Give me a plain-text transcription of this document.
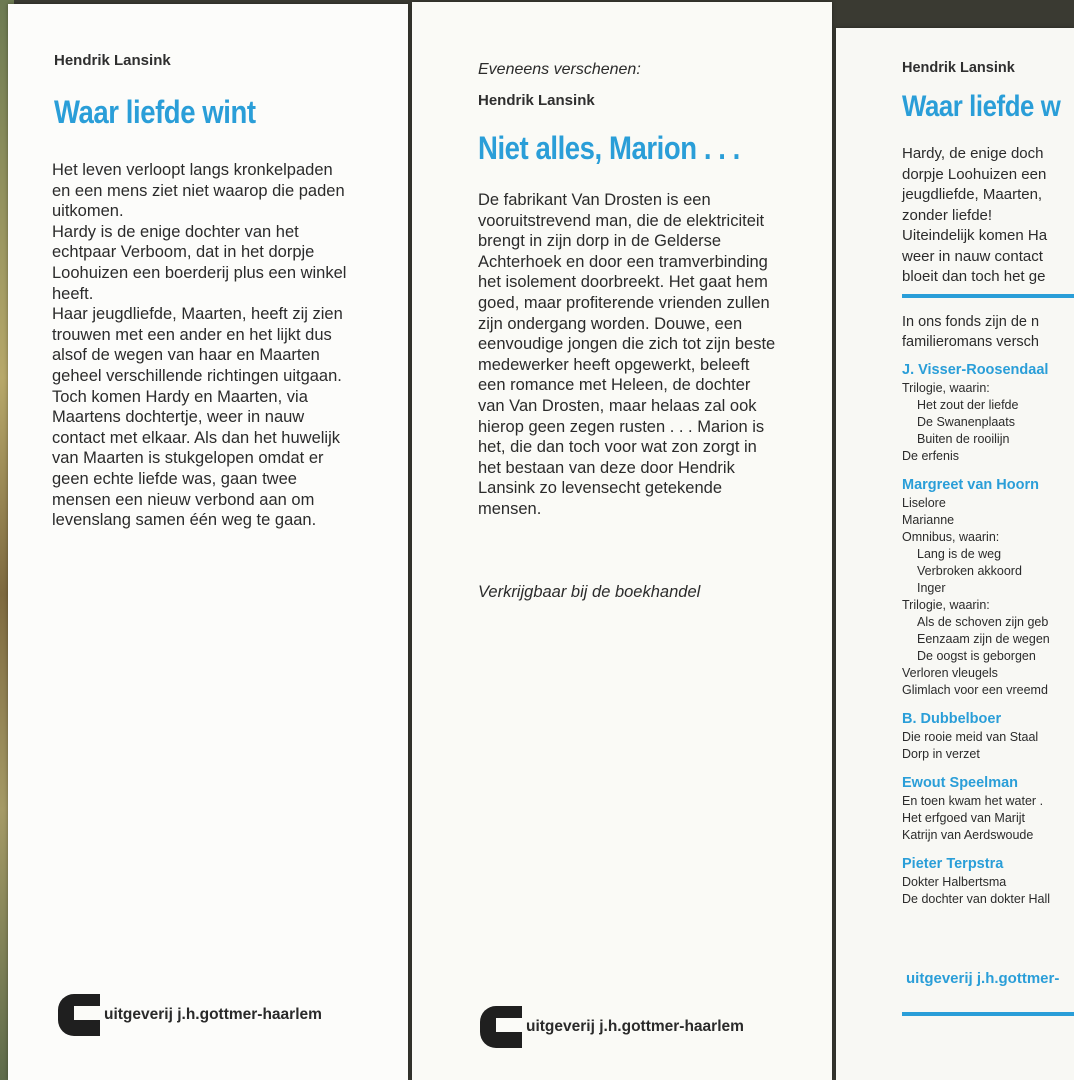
Hendrik Lansink
Waar liefde wint

Het leven verloopt langs kronkelpaden en een mens ziet niet waarop die paden uitkomen.

Hardy is de enige dochter van het echtpaar Verboom, dat in het dorpje Loohuizen een boerderij plus een winkel heeft.

Haar jeugdliefde, Maarten, heeft zij zien trouwen met een ander en het lijkt dus alsof de wegen van haar en Maarten geheel verschillende richtingen uitgaan.

Toch komen Hardy en Maarten, via Maartens dochtertje, weer in nauw contact met elkaar. Als dan het huwelijk van Maarten is stukgelopen omdat er geen echte liefde was, gaan twee mensen een nieuw verbond aan om levenslang samen één weg te gaan.

uitgeverij j.h.gottmer-haarlem
Eveneens verschenen:
Hendrik Lansink
Niet alles, Marion . . .
De fabrikant Van Drosten is een vooruitstrevend man, die de elektriciteit brengt in zijn dorp in de Gelderse Achterhoek en door een tramverbinding het isolement doorbreekt. Het gaat hem goed, maar profiterende vrienden zullen zijn ondergang worden. Douwe, een eenvoudige jongen die zich tot zijn beste medewerker heeft opgewerkt, beleeft een romance met Heleen, de dochter van Van Drosten, maar helaas zal ook hierop geen zegen rusten . . . Marion is het, die dan toch voor wat zon zorgt in het bestaan van deze door Hendrik Lansink zo levensecht getekende mensen.
Verkrijgbaar bij de boekhandel
uitgeverij j.h.gottmer-haarlem
Hendrik Lansink
Waar liefde w

Hardy, de enige doch

dorpje Loohuizen een

jeugdliefde, Maarten,

zonder liefde!

Uiteindelijk komen Ha

weer in nauw contact

bloeit dan toch het ge

In ons fonds zijn de n

familieromans versch

J. Visser-Roosendaal
Trilogie, waarin:
Het zout der liefde
De Swanenplaats
Buiten de rooilijn
De erfenis
Margreet van Hoorn
Liselore
Marianne
Omnibus, waarin:
Lang is de weg
Verbroken akkoord
Inger
Trilogie, waarin:
Als de schoven zijn geb
Eenzaam zijn de wegen
De oogst is geborgen
Verloren vleugels
Glimlach voor een vreemd
B. Dubbelboer
Die rooie meid van Staal
Dorp in verzet
Ewout Speelman
En toen kwam het water .
Het erfgoed van Marijt
Katrijn van Aerdswoude
Pieter Terpstra
Dokter Halbertsma
De dochter van dokter Hall
uitgeverij j.h.gottmer-
